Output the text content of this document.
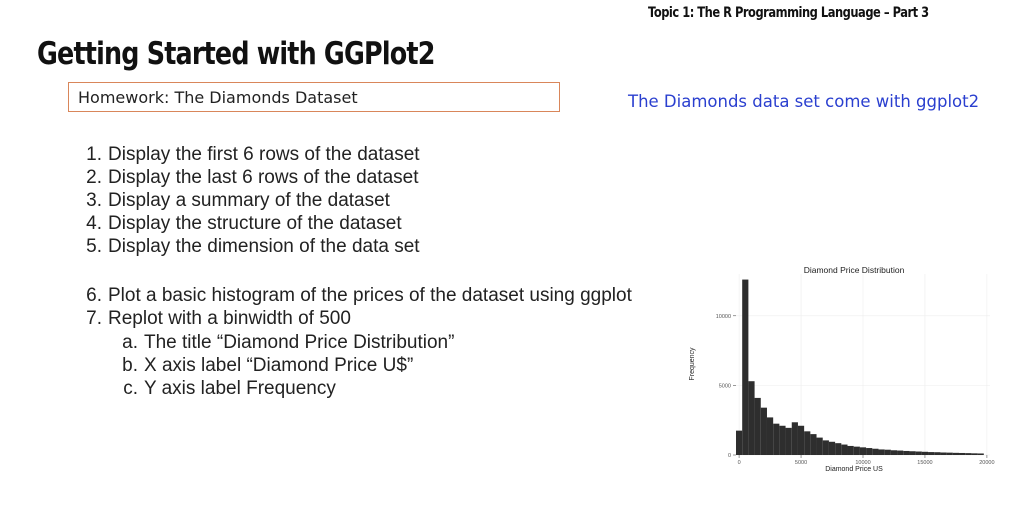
Topic 1: The R Programming Language – Part 3
Getting Started with GGPlot2
Homework: The Diamonds Dataset	The Diamonds data set come with ggplot2
1. Display the first 6 rows of the dataset
2. Display the last 6 rows of the dataset
3. Display a summary of the dataset
4. Display the structure of the dataset
5. Display the dimension of the data set
6. Plot a basic histogram of the prices of the dataset using ggplot
7. Replot with a binwidth of 500
a. The title “Diamond Price Distribution”
b. X axis label “Diamond Price U$”
c. Y axis label Frequency
0	5000	10000	15000	20000
0
5000
10000
Diamond Price Distribution
Diamond Price US
Frequency
